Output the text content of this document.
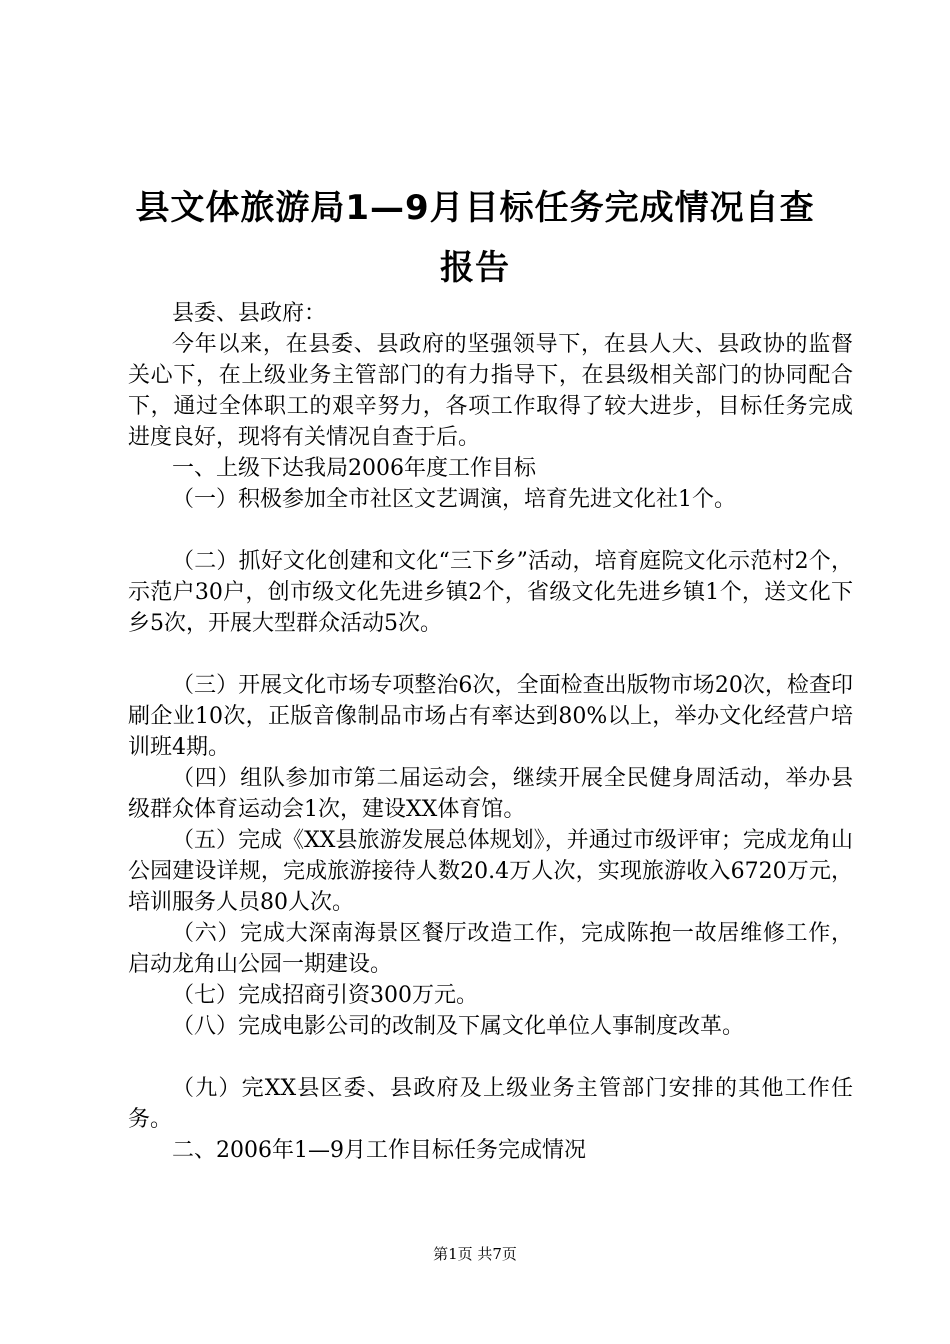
县文体旅游局1—9月目标任务完成情况自查
报告

县委、县政府：

今年以来，在县委、县政府的坚强领导下，在县人大、县政协的监督关心下，在上级业务主管部门的有力指导下，在县级相关部门的协同配合下，通过全体职工的艰辛努力，各项工作取得了较大进步，目标任务完成进度良好，现将有关情况自查于后。

一、上级下达我局2006年度工作目标

（一）积极参加全市社区文艺调演，培育先进文化社1个。

（二）抓好文化创建和文化“三下乡”活动，培育庭院文化示范村2个，示范户30户，创市级文化先进乡镇2个，省级文化先进乡镇1个，送文化下乡5次，开展大型群众活动5次。

（三）开展文化市场专项整治6次，全面检查出版物市场20次，检查印刷企业10次，正版音像制品市场占有率达到80%以上，举办文化经营户培训班4期。

（四）组队参加市第二届运动会，继续开展全民健身周活动，举办县级群众体育运动会1次，建设XX体育馆。

（五）完成《XX县旅游发展总体规划》，并通过市级评审；完成龙角山公园建设详规，完成旅游接待人数20.4万人次，实现旅游收入6720万元，培训服务人员80人次。

（六）完成大深南海景区餐厅改造工作，完成陈抱一故居维修工作，启动龙角山公园一期建设。

（七）完成招商引资300万元。

（八）完成电影公司的改制及下属文化单位人事制度改革。

（九）完XX县区委、县政府及上级业务主管部门安排的其他工作任务。

二、2006年1—9月工作目标任务完成情况

第1页 共7页
